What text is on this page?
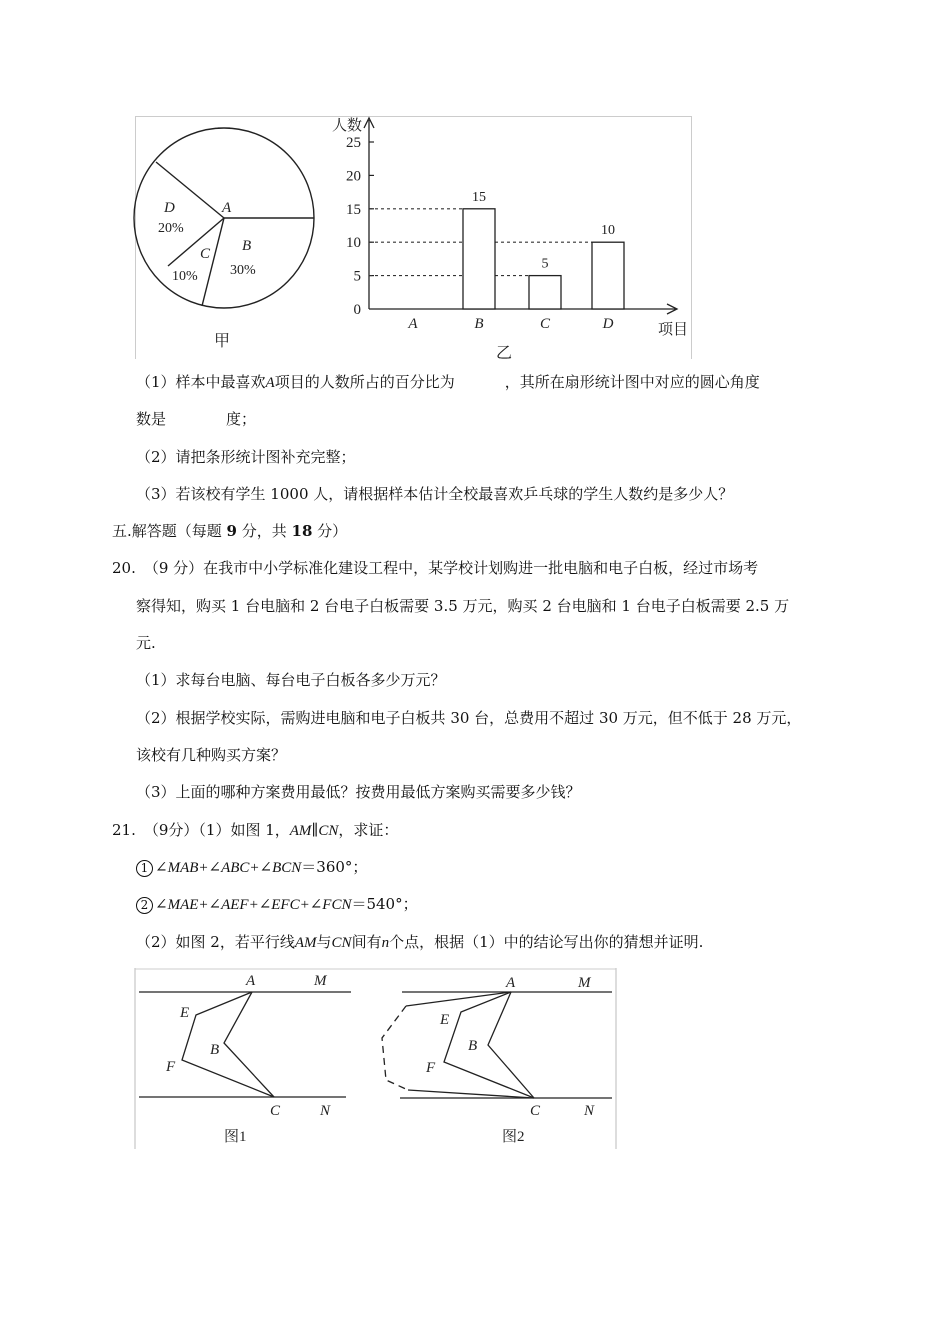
A
D
20%
C
10%
B
30%
甲
人数
项目
0
5
10
15
20
25
15
5
10
A	B	C	D
乙
（1）样本中最喜欢A项目的人数所占的百分比为	，其所在扇形统计图中对应的圆心角度
数是	度；
（2）请把条形统计图补充完整；
（3）若该校有学生 1000 人，请根据样本估计全校最喜欢乒乓球的学生人数约是多少人？
五.解答题（每题 9 分，共 18 分）
20. （9 分）在我市中小学标准化建设工程中，某学校计划购进一批电脑和电子白板，经过市场考
察得知，购买 1 台电脑和 2 台电子白板需要 3.5 万元，购买 2 台电脑和 1 台电子白板需要 2.5 万
元.
（1）求每台电脑、每台电子白板各多少万元？
（2）根据学校实际，需购进电脑和电子白板共 30 台，总费用不超过 30 万元，但不低于 28 万元，
该校有几种购买方案？
（3）上面的哪种方案费用最低？按费用最低方案购买需要多少钱？
21. （9分）（1）如图 1，AM∥CN，求证：
1 ∠MAB+∠ABC+∠BCN＝360°；
2 ∠MAE+∠AEF+∠EFC+∠FCN＝540°；
（2）如图 2，若平行线AM与CN间有n个点，根据（1）中的结论写出你的猜想并证明.
A	M
E
B
F
C	N
图1
A	M
E
B
F
C	N
图2
